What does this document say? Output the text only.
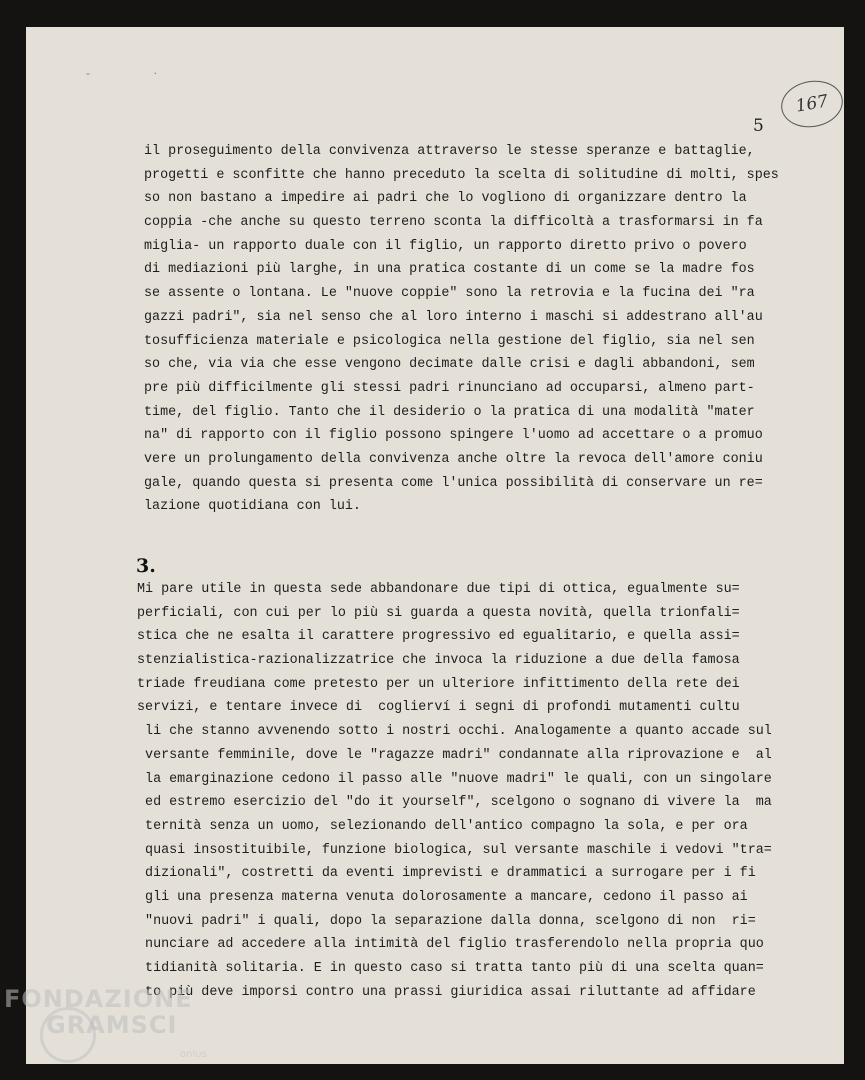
- ·
167
5
il proseguimento della convivenza attraverso le stesse speranze e battaglie,
progetti e sconfitte che hanno preceduto la scelta di solitudine di molti, spes
so non bastano a impedire ai padri che lo vogliono di organizzare dentro la
coppia -che anche su questo terreno sconta la difficoltà a trasformarsi in fa
miglia- un rapporto duale con il figlio, un rapporto diretto privo o povero
di mediazioni più larghe, in una pratica costante di un come se la madre fos
se assente o lontana. Le "nuove coppie" sono la retrovia e la fucina dei "ra
gazzi padri", sia nel senso che al loro interno i maschi si addestrano all'au
tosufficienza materiale e psicologica nella gestione del figlio, sia nel sen
so che, via via che esse vengono decimate dalle crisi e dagli abbandoni, sem
pre più difficilmente gli stessi padri rinunciano ad occuparsi, almeno part-
time, del figlio. Tanto che il desiderio o la pratica di una modalità "mater
na" di rapporto con il figlio possono spingere l'uomo ad accettare o a promuo
vere un prolungamento della convivenza anche oltre la revoca dell'amore coniu
gale, quando questa si presenta come l'unica possibilità di conservare un re=
lazione quotidiana con lui.
3.
Mi pare utile in questa sede abbandonare due tipi di ottica, egualmente su=
perficiali, con cui per lo più si guarda a questa novità, quella trionfali=
stica che ne esalta il carattere progressivo ed egualitario, e quella assi=
stenzialistica-razionalizzatrice che invoca la riduzione a due della famosa
triade freudiana come pretesto per un ulteriore infittimento della rete dei
servizi, e tentare invece di  coglierví i segni di profondi mutamenti cultu
li che stanno avvenendo sotto i nostri occhi. Analogamente a quanto accade sul
versante femminile, dove le "ragazze madri" condannate alla riprovazione e  al
la emarginazione cedono il passo alle "nuove madri" le quali, con un singolare
ed estremo esercizio del "do it yourself", scelgono o sognano di vivere la  ma
ternità senza un uomo, selezionando dell'antico compagno la sola, e per ora
quasi insostituibile, funzione biologica, sul versante maschile i vedovi "tra=
dizionali", costretti da eventi imprevisti e drammatici a surrogare per i fi
gli una presenza materna venuta dolorosamente a mancare, cedono il passo ai
"nuovi padri" i quali, dopo la separazione dalla donna, scelgono di non  ri=
nunciare ad accedere alla intimità del figlio trasferendolo nella propria quo
tidianità solitaria. E in questo caso si tratta tanto più di una scelta quan=
to più deve imporsi contro una prassi giuridica assai riluttante ad affidare
FONDAZIONE
GRAMSCI
onlus
